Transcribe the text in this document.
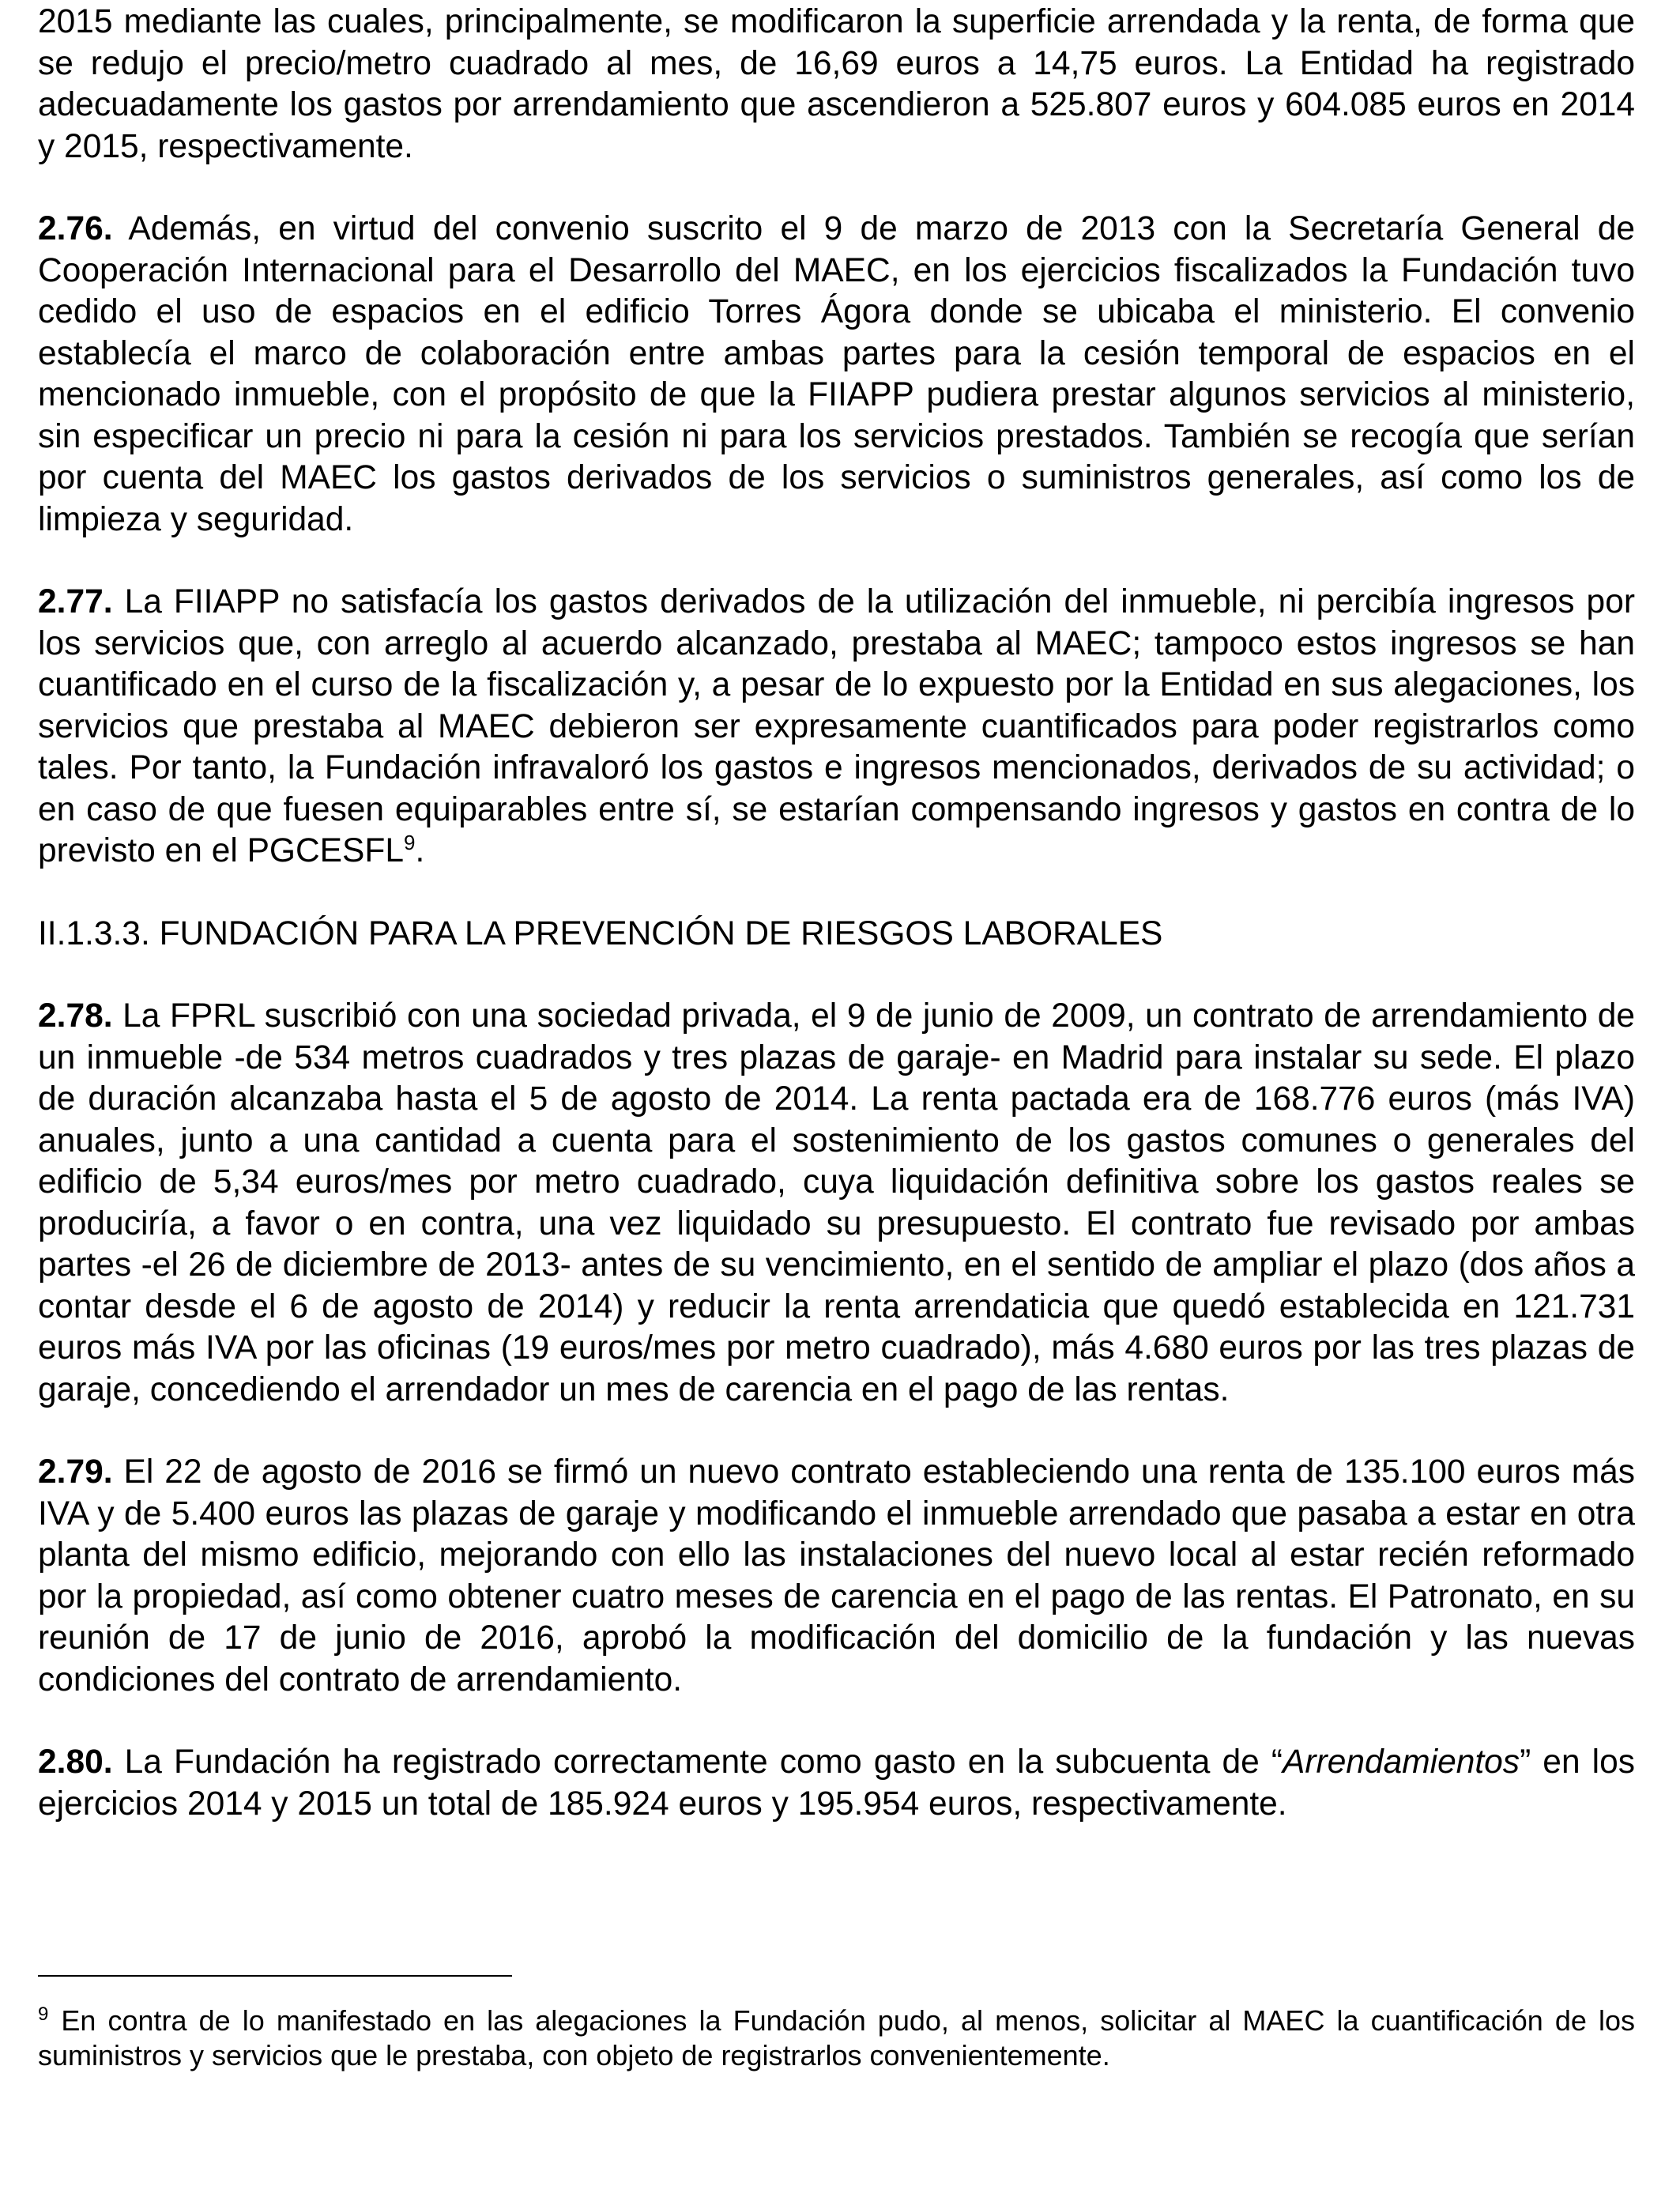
2015 mediante las cuales, principalmente, se modificaron la superficie arrendada y la renta, de forma que se redujo el precio/metro cuadrado al mes, de 16,69 euros a 14,75 euros. La Entidad ha registrado adecuadamente los gastos por arrendamiento que ascendieron a 525.807 euros y 604.085 euros en 2014 y 2015, respectivamente.

2.76. Además, en virtud del convenio suscrito el 9 de marzo de 2013 con la Secretaría General de Cooperación Internacional para el Desarrollo del MAEC, en los ejercicios fiscalizados la Fundación tuvo cedido el uso de espacios en el edificio Torres Ágora donde se ubicaba el ministerio. El convenio establecía el marco de colaboración entre ambas partes para la cesión temporal de espacios en el mencionado inmueble, con el propósito de que la FIIAPP pudiera prestar algunos servicios al ministerio, sin especificar un precio ni para la cesión ni para los servicios prestados. También se recogía que serían por cuenta del MAEC los gastos derivados de los servicios o suministros generales, así como los de limpieza y seguridad.

2.77. La FIIAPP no satisfacía los gastos derivados de la utilización del inmueble, ni percibía ingresos por los servicios que, con arreglo al acuerdo alcanzado, prestaba al MAEC; tampoco estos ingresos se han cuantificado en el curso de la fiscalización y, a pesar de lo expuesto por la Entidad en sus alegaciones, los servicios que prestaba al MAEC debieron ser expresamente cuantificados para poder registrarlos como tales. Por tanto, la Fundación infravaloró los gastos e ingresos mencionados, derivados de su actividad; o en caso de que fuesen equiparables entre sí, se estarían compensando ingresos y gastos en contra de lo previsto en el PGCESFL$^9$.

II.1.3.3. FUNDACIÓN PARA LA PREVENCIÓN DE RIESGOS LABORALES

2.78. La FPRL suscribió con una sociedad privada, el 9 de junio de 2009, un contrato de arrendamiento de un inmueble -de 534 metros cuadrados y tres plazas de garaje- en Madrid para instalar su sede. El plazo de duración alcanzaba hasta el 5 de agosto de 2014. La renta pactada era de 168.776 euros (más IVA) anuales, junto a una cantidad a cuenta para el sostenimiento de los gastos comunes o generales del edificio de 5,34 euros/mes por metro cuadrado, cuya liquidación definitiva sobre los gastos reales se produciría, a favor o en contra, una vez liquidado su presupuesto. El contrato fue revisado por ambas partes -el 26 de diciembre de 2013- antes de su vencimiento, en el sentido de ampliar el plazo (dos años a contar desde el 6 de agosto de 2014) y reducir la renta arrendaticia que quedó establecida en 121.731 euros más IVA por las oficinas (19 euros/mes por metro cuadrado), más 4.680 euros por las tres plazas de garaje, concediendo el arrendador un mes de carencia en el pago de las rentas.

2.79. El 22 de agosto de 2016 se firmó un nuevo contrato estableciendo una renta de 135.100 euros más IVA y de 5.400 euros las plazas de garaje y modificando el inmueble arrendado que pasaba a estar en otra planta del mismo edificio, mejorando con ello las instalaciones del nuevo local al estar recién reformado por la propiedad, así como obtener cuatro meses de carencia en el pago de las rentas. El Patronato, en su reunión de 17 de junio de 2016, aprobó la modificación del domicilio de la fundación y las nuevas condiciones del contrato de arrendamiento.

2.80. La Fundación ha registrado correctamente como gasto en la subcuenta de “Arrendamientos” en los ejercicios 2014 y 2015 un total de 185.924 euros y 195.954 euros, respectivamente.

$^9$ En contra de lo manifestado en las alegaciones la Fundación pudo, al menos, solicitar al MAEC la cuantificación de los suministros y servicios que le prestaba, con objeto de registrarlos convenientemente.
